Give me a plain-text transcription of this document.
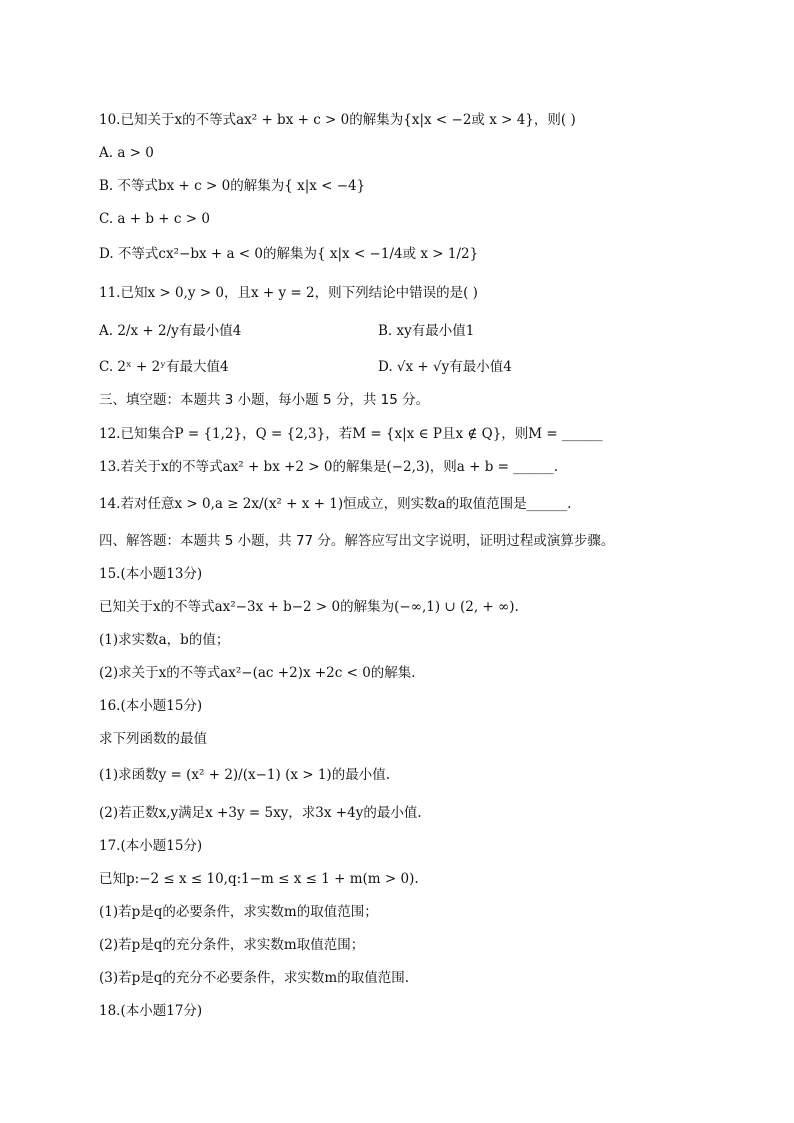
10.已知关于x的不等式ax² + bx + c > 0的解集为{x|x < −2或 x > 4}，则( )
A. a > 0
B. 不等式bx + c > 0的解集为{ x|x < −4}
C. a + b + c > 0
D. 不等式cx²−bx + a < 0的解集为{ x|x < −1/4或 x > 1/2}
11.已知x > 0,y > 0，且x + y = 2，则下列结论中错误的是( )
A. 2/x + 2/y有最小值4	B. xy有最小值1
C. 2ˣ + 2ʸ有最大值4	D. √x + √y有最小值4
三、填空题：本题共 3 小题，每小题 5 分，共 15 分。
12.已知集合P = {1,2}，Q = {2,3}，若M = {x|x ∈ P且x ∉ Q}，则M = ______
13.若关于x的不等式ax² + bx +2 > 0的解集是(−2,3)，则a + b = ______.
14.若对任意x > 0,a ≥ 2x/(x² + x + 1)恒成立，则实数a的取值范围是______.
四、解答题：本题共 5 小题，共 77 分。解答应写出文字说明，证明过程或演算步骤。
15.(本小题13分)
已知关于x的不等式ax²−3x + b−2 > 0的解集为(−∞,1) ∪ (2, + ∞).
(1)求实数a，b的值；
(2)求关于x的不等式ax²−(ac +2)x +2c < 0的解集.
16.(本小题15分)
求下列函数的最值
(1)求函数y = (x² + 2)/(x−1) (x > 1)的最小值.
(2)若正数x,y满足x +3y = 5xy，求3x +4y的最小值.
17.(本小题15分)
已知p:−2 ≤ x ≤ 10,q:1−m ≤ x ≤ 1 + m(m > 0).
(1)若p是q的必要条件，求实数m的取值范围；
(2)若p是q的充分条件，求实数m取值范围；
(3)若p是q的充分不必要条件，求实数m的取值范围.
18.(本小题17分)
